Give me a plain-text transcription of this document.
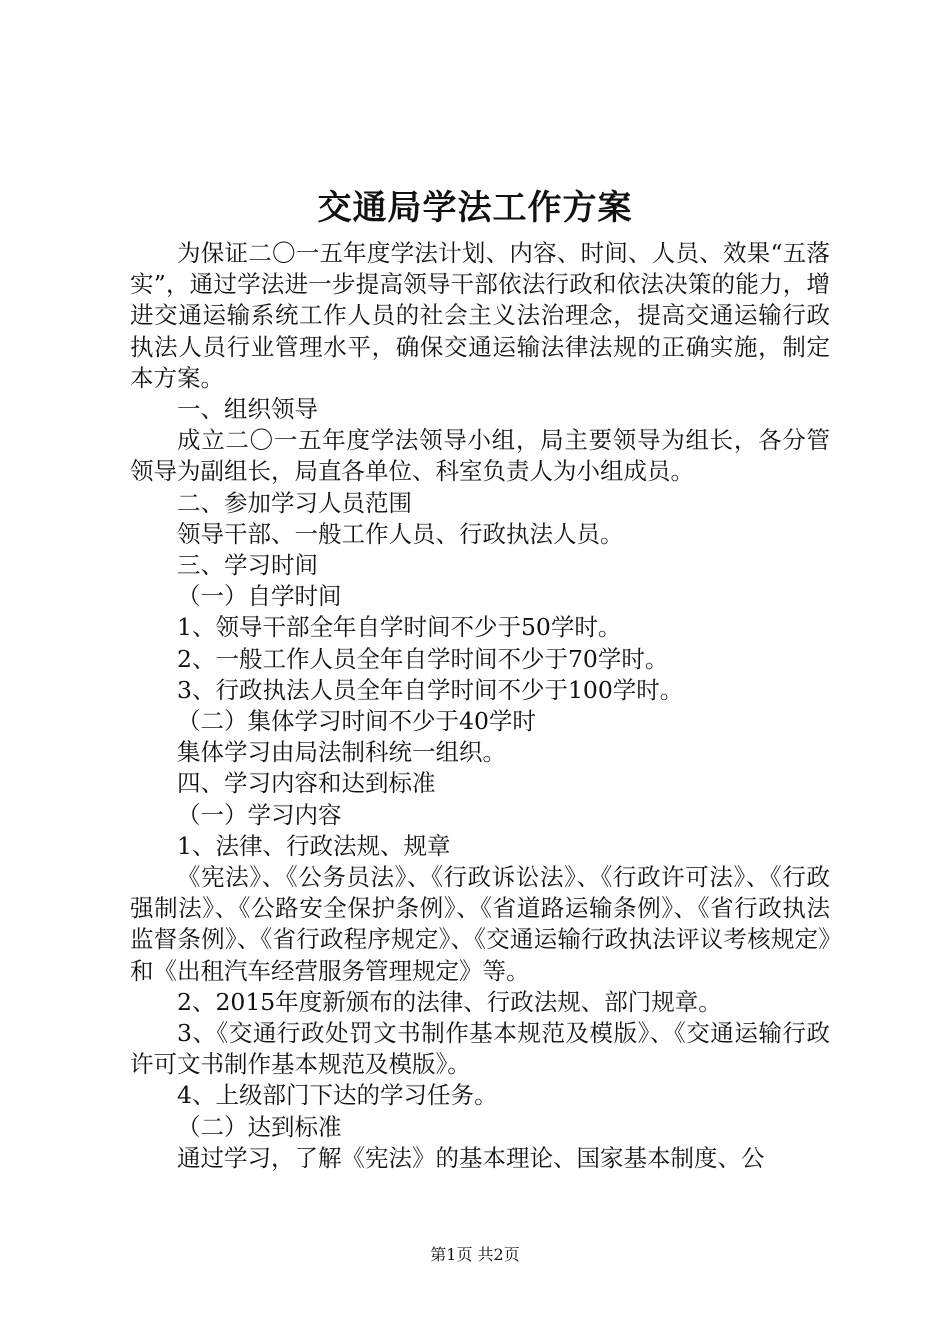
交通局学法工作方案

为保证二〇一五年度学法计划、内容、时间、人员、效果“五落实”，通过学法进一步提高领导干部依法行政和依法决策的能力，增进交通运输系统工作人员的社会主义法治理念，提高交通运输行政执法人员行业管理水平，确保交通运输法律法规的正确实施，制定本方案。

一、组织领导

成立二〇一五年度学法领导小组，局主要领导为组长，各分管领导为副组长，局直各单位、科室负责人为小组成员。

二、参加学习人员范围

领导干部、一般工作人员、行政执法人员。

三、学习时间

（一）自学时间

1、领导干部全年自学时间不少于50学时。

2、一般工作人员全年自学时间不少于70学时。

3、行政执法人员全年自学时间不少于100学时。

（二）集体学习时间不少于40学时

集体学习由局法制科统一组织。

四、学习内容和达到标准

（一）学习内容

1、法律、行政法规、规章

《宪法》、《公务员法》、《行政诉讼法》、《行政许可法》、《行政强制法》、《公路安全保护条例》、《省道路运输条例》、《省行政执法监督条例》、《省行政程序规定》、《交通运输行政执法评议考核规定》和《出租汽车经营服务管理规定》等。

2、2015年度新颁布的法律、行政法规、部门规章。

3、《交通行政处罚文书制作基本规范及模版》、《交通运输行政许可文书制作基本规范及模版》。

4、上级部门下达的学习任务。

（二）达到标准

通过学习，了解《宪法》的基本理论、国家基本制度、公

第1页 共2页
